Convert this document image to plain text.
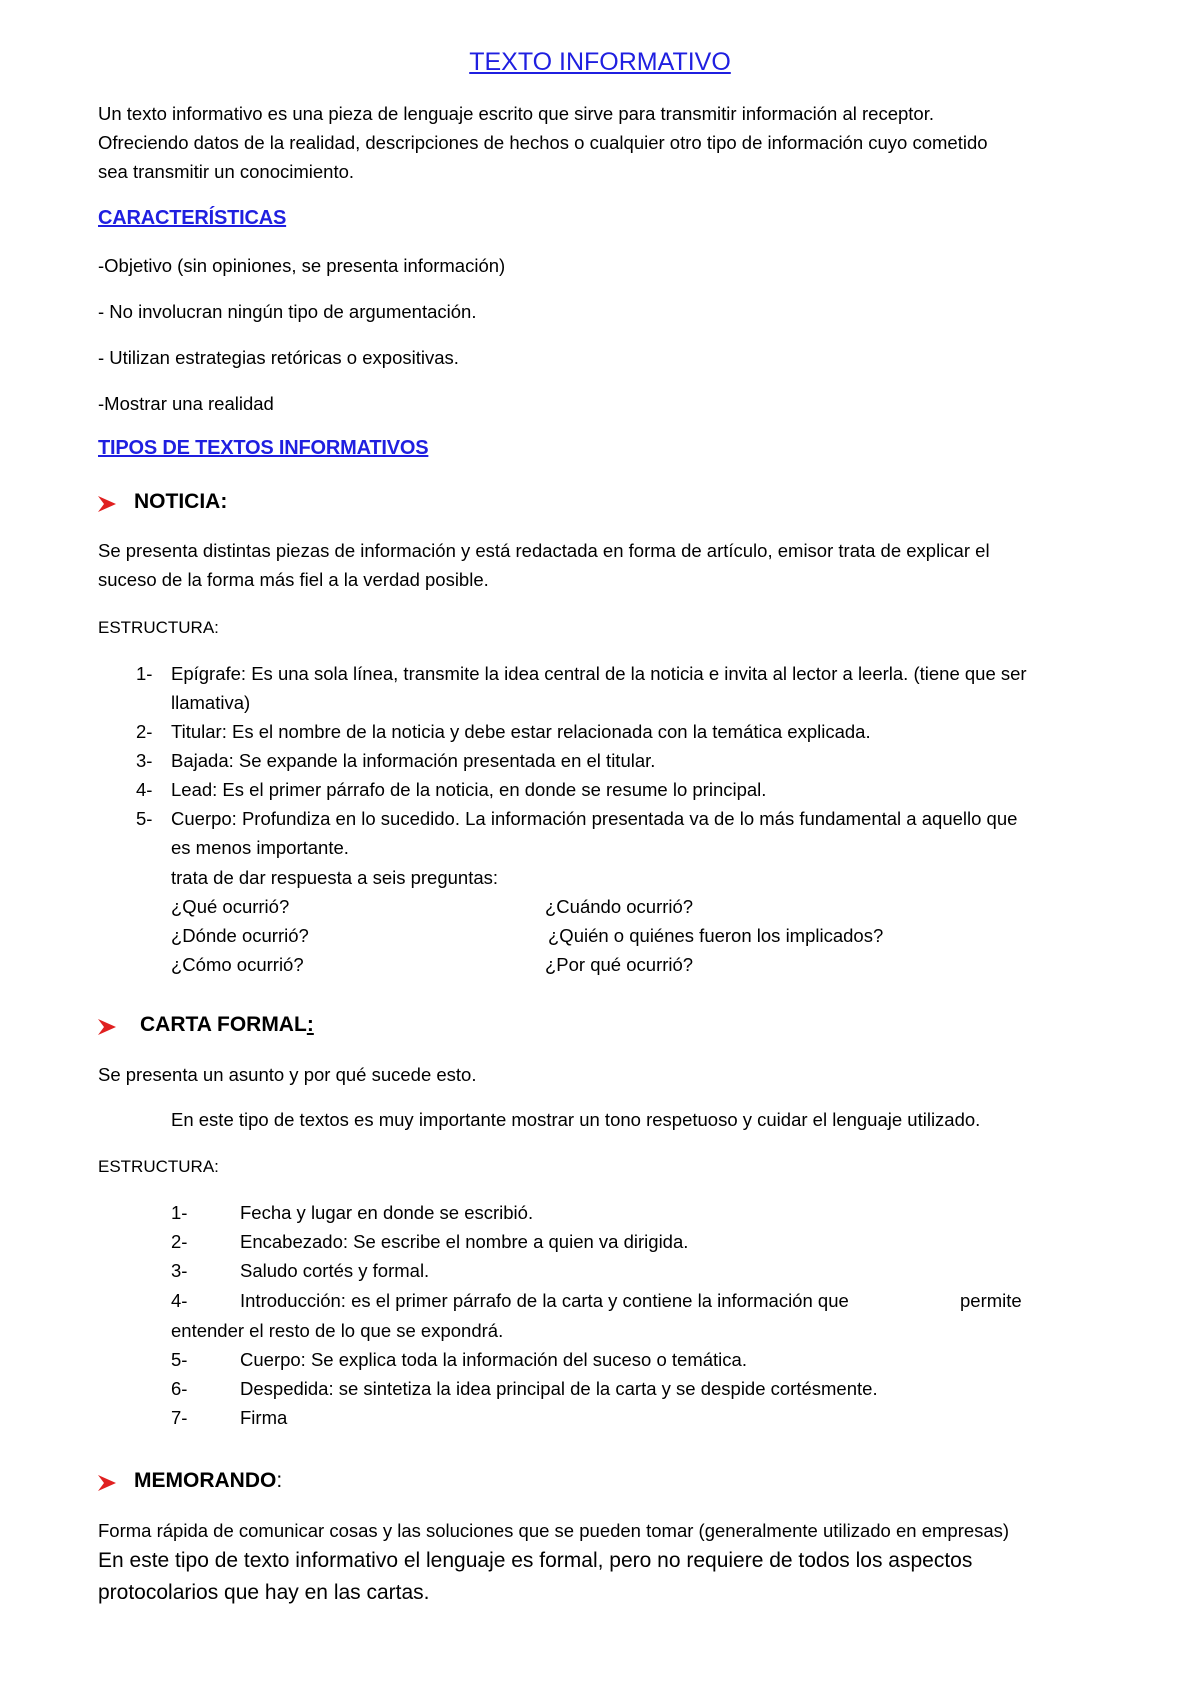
TEXTO INFORMATIVO
Un texto informativo es una pieza de lenguaje escrito que sirve para transmitir información al receptor.
Ofreciendo datos de la realidad, descripciones de hechos o cualquier otro tipo de información cuyo cometido
sea transmitir un conocimiento.
CARACTERÍSTICAS
-Objetivo (sin opiniones, se presenta información)
- No involucran ningún tipo de argumentación.
- Utilizan estrategias retóricas o expositivas.
-Mostrar una realidad
TIPOS DE TEXTOS INFORMATIVOS
NOTICIA:
Se presenta distintas piezas de información y está redactada en forma de artículo, emisor trata de explicar el
suceso de la forma más fiel a la verdad posible.
ESTRUCTURA:
1- Epígrafe: Es una sola línea, transmite la idea central de la noticia e invita al lector a leerla. (tiene que ser
llamativa)
2- Titular: Es el nombre de la noticia y debe estar relacionada con la temática explicada.
3- Bajada: Se expande la información presentada en el titular.
4- Lead: Es el primer párrafo de la noticia, en donde se resume lo principal.
5- Cuerpo: Profundiza en lo sucedido. La información presentada va de lo más fundamental a aquello que
es menos importante.
trata de dar respuesta a seis preguntas:
¿Qué ocurrió?	¿Cuándo ocurrió?
¿Dónde ocurrió?	¿Quién o quiénes fueron los implicados?
¿Cómo ocurrió?	¿Por qué ocurrió?
CARTA FORMAL:
Se presenta un asunto y por qué sucede esto.
En este tipo de textos es muy importante mostrar un tono respetuoso y cuidar el lenguaje utilizado.
ESTRUCTURA:
1-	Fecha y lugar en donde se escribió.
2-	Encabezado: Se escribe el nombre a quien va dirigida.
3-	Saludo cortés y formal.
4-	Introducción: es el primer párrafo de la carta y contiene la información que	permite
entender el resto de lo que se expondrá.
5-	Cuerpo: Se explica toda la información del suceso o temática.
6-	Despedida: se sintetiza la idea principal de la carta y se despide cortésmente.
7-	Firma
MEMORANDO:
Forma rápida de comunicar cosas y las soluciones que se pueden tomar (generalmente utilizado en empresas)
En este tipo de texto informativo el lenguaje es formal, pero no requiere de todos los aspectos
protocolarios que hay en las cartas.
